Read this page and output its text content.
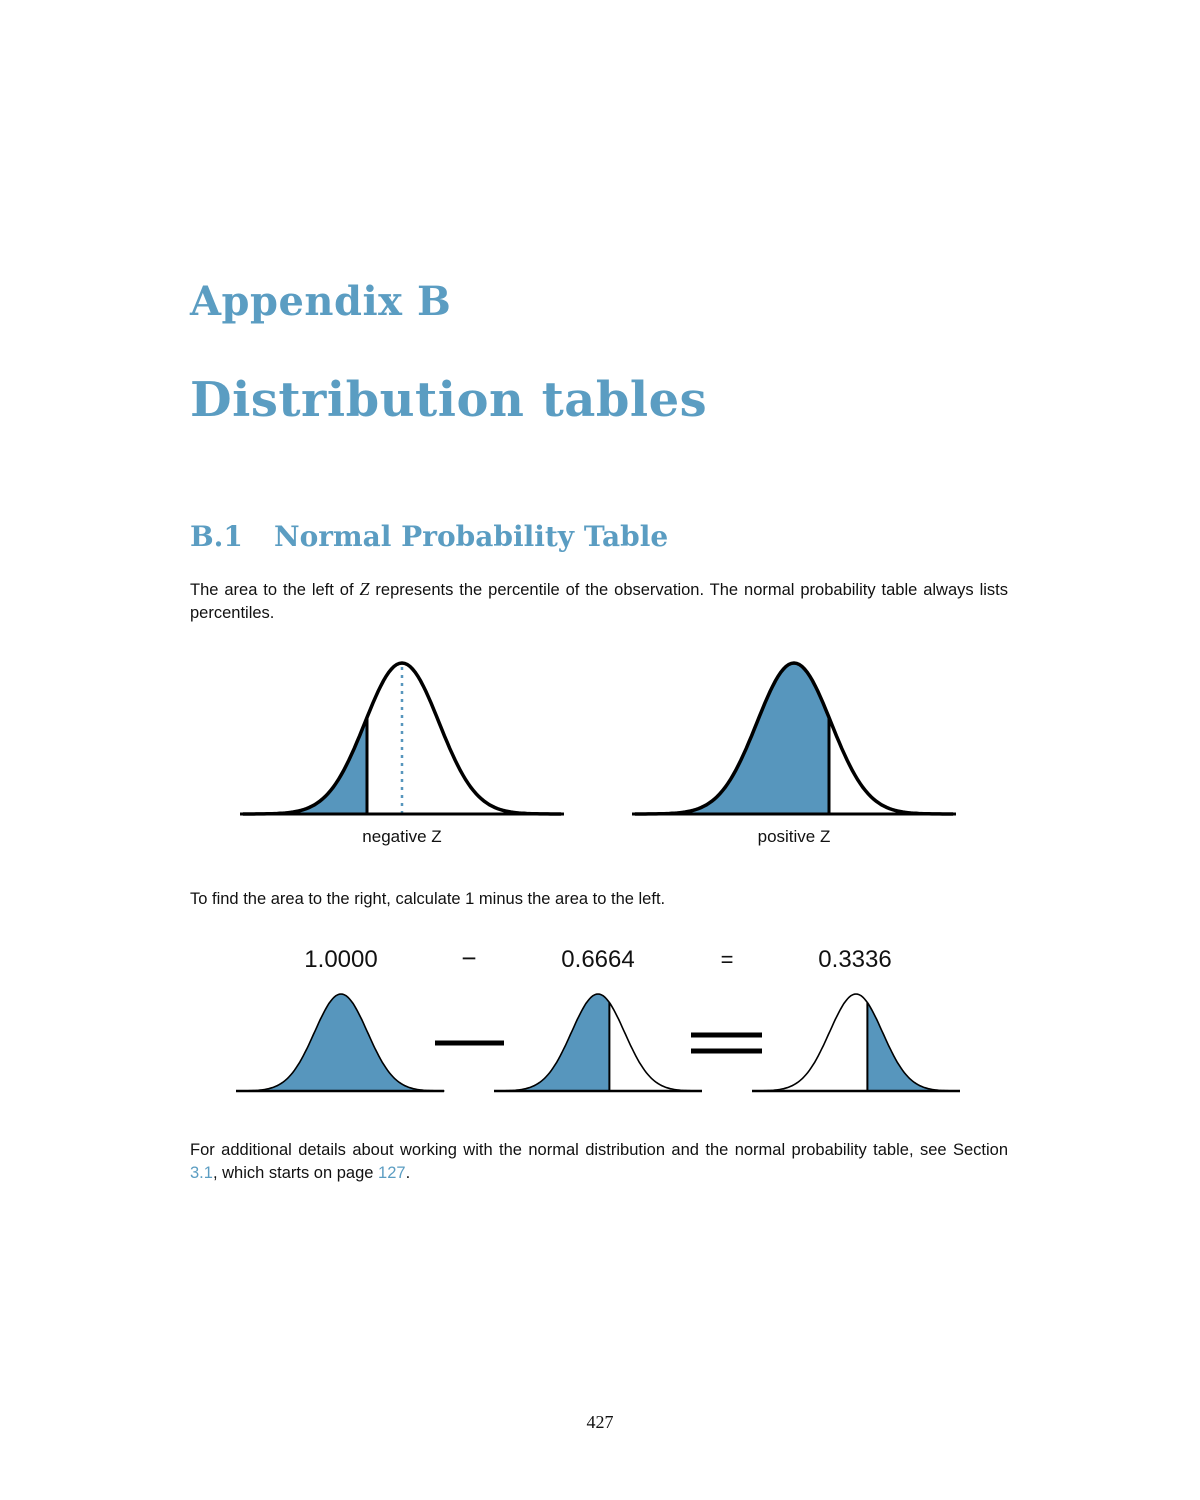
Appendix B
Distribution tables
B.1 Normal Probability Table

The area to the left of Z represents the percentile of the observation. The normal probability table always lists percentiles.

negative Z	positive Z
1.0000	−	0.6664	=	0.3336

To find the area to the right, calculate 1 minus the area to the left.

For additional details about working with the normal distribution and the normal probability table, see Section 3.1, which starts on page 127.

427
